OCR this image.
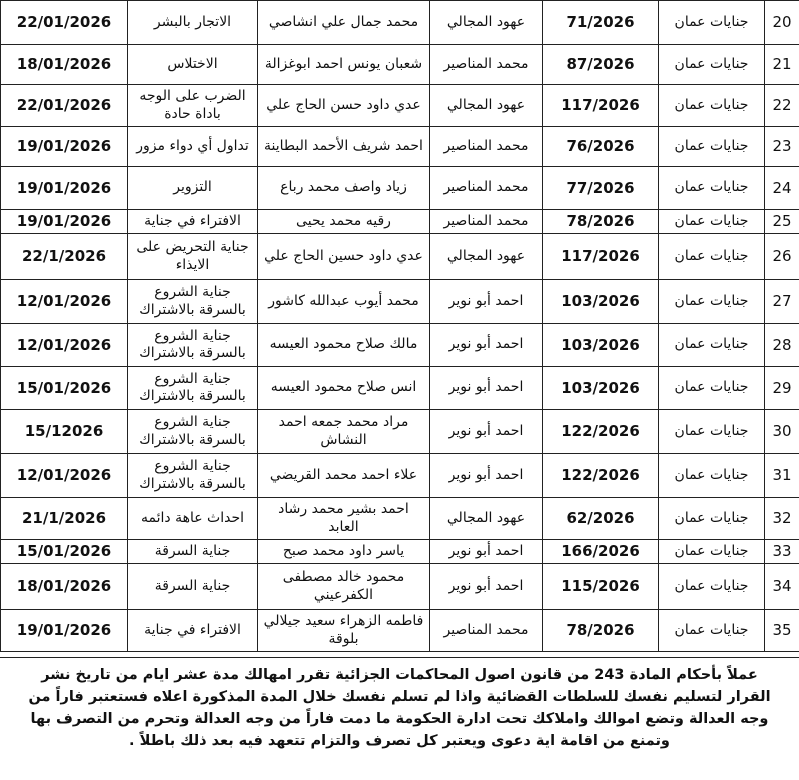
22/01/2026	الاتجار بالبشر	محمد جمال علي انشاصي	عهود المجالي	71/2026	جنايات عمان	20
18/01/2026	الاختلاس	شعبان يونس احمد ابوغزالة	محمد المناصير	87/2026	جنايات عمان	21
22/01/2026	الضرب على الوجه باداة حادة	عدي داود حسن الحاج علي	عهود المجالي	117/2026	جنايات عمان	22
19/01/2026	تداول أي دواء مزور	احمد شريف الأحمد البطاينة	محمد المناصير	76/2026	جنايات عمان	23
19/01/2026	التزوير	زياد واصف محمد رباع	محمد المناصير	77/2026	جنايات عمان	24
19/01/2026	الافتراء في جناية	رقيه محمد يحيى	محمد المناصير	78/2026	جنايات عمان	25
22/1/2026	جناية التحريض على الايذاء	عدي داود حسين الحاج علي	عهود المجالي	117/2026	جنايات عمان	26
12/01/2026	جناية الشروع بالسرقة بالاشتراك	محمد أيوب عبدالله كاشور	احمد أبو نوير	103/2026	جنايات عمان	27
12/01/2026	جناية الشروع بالسرقة بالاشتراك	مالك صلاح محمود العيسه	احمد أبو نوير	103/2026	جنايات عمان	28
15/01/2026	جناية الشروع بالسرقة بالاشتراك	انس صلاح محمود العيسه	احمد أبو نوير	103/2026	جنايات عمان	29
15/12026	جناية الشروع بالسرقة بالاشتراك	مراد محمد جمعه احمد النشاش	احمد أبو نوير	122/2026	جنايات عمان	30
12/01/2026	جناية الشروع بالسرقة بالاشتراك	علاء احمد محمد القريضي	احمد أبو نوير	122/2026	جنايات عمان	31
21/1/2026	احداث عاهة دائمه	احمد بشير محمد رشاد العابد	عهود المجالي	62/2026	جنايات عمان	32
15/01/2026	جناية السرقة	ياسر داود محمد صبح	احمد أبو نوير	166/2026	جنايات عمان	33
18/01/2026	جناية السرقة	محمود خالد مصطفى الكفرعيني	احمد أبو نوير	115/2026	جنايات عمان	34
19/01/2026	الافتراء في جناية	فاطمه الزهراء سعيد جيلالي بلوقة	محمد المناصير	78/2026	جنايات عمان	35

عملاً بأحكام المادة 243 من قانون اصول المحاكمات الجزائية تقرر امهالك مدة عشر ايام من تاريخ نشر القرار لتسليم نفسك للسلطات القضائية واذا لم تسلم نفسك خلال المدة المذكورة اعلاه فستعتبر فاراً من وجه العدالة وتضع اموالك واملاكك تحت ادارة الحكومة ما دمت فاراً من وجه العدالة وتحرم من التصرف بها وتمنع من اقامة اية دعوى ويعتبر كل تصرف والتزام تتعهد فيه بعد ذلك باطلاً .
